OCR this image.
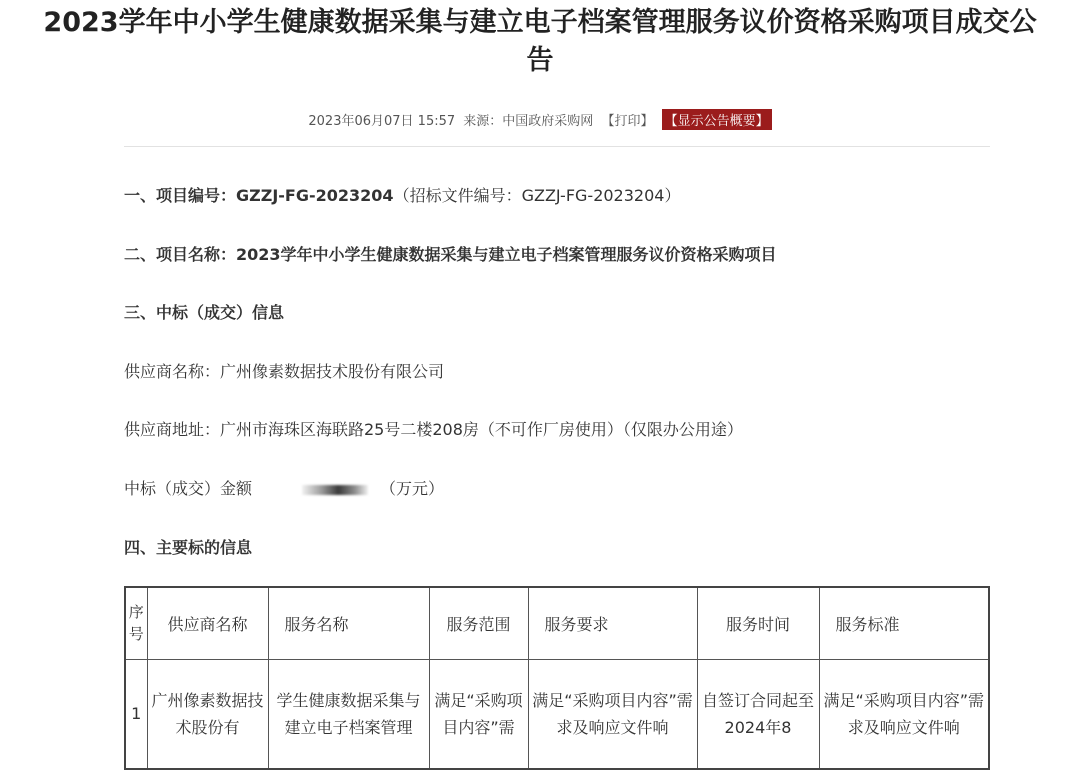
2023学年中小学生健康数据采集与建立电子档案管理服务议价资格采购项目成交公
告
2023年06月07日 15:57 来源：中国政府采购网 【打印】 【显示公告概要】
一、项目编号：GZZJ-FG-2023204（招标文件编号：GZZJ-FG-2023204）
二、项目名称：2023学年中小学生健康数据采集与建立电子档案管理服务议价资格采购项目
三、中标（成交）信息
供应商名称：广州像素数据技术股份有限公司
供应商地址：广州市海珠区海联路25号二楼208房（不可作厂房使用）（仅限办公用途）
中标（成交）金额	（万元）
四、主要标的信息
序号	供应商名称	服务名称	服务范围	服务要求	服务时间	服务标准
1	广州像素数据技术股份有	学生健康数据采集与建立电子档案管理	满足“采购项目内容”需	满足“采购项目内容”需求及响应文件响	自签订合同起至2024年8	满足“采购项目内容”需求及响应文件响
